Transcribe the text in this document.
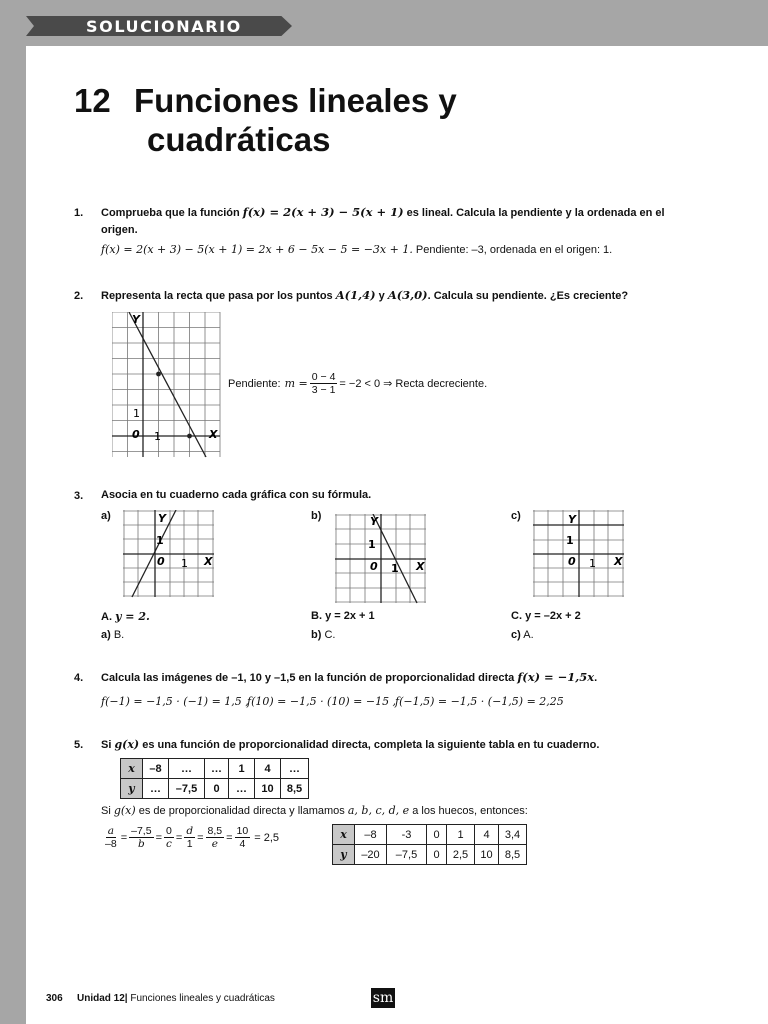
SOLUCIONARIO
12 Funciones lineales y
cuadráticas
1. Comprueba que la función f(x) = 2(x + 3) − 5(x + 1) es lineal. Calcula la pendiente y la ordenada en el
origen.
f(x) = 2(x + 3) − 5(x + 1) = 2x + 6 − 5x − 5 = −3x + 1. Pendiente: –3, ordenada en el origen: 1.
2. Representa la recta que pasa por los puntos A(1,4) y A(3,0). Calcula su pendiente. ¿Es creciente?
Y
X
1
0 1
Pendiente: $m = \frac{0 - 4}{3 - 1} = -2 < 0$ ⇒ Recta decreciente.
3. Asocia en tu cuaderno cada gráfica con su fórmula.
a)	b)	c)
Y
X
1
0 1
Y
X
1
0 1
Y
X
1
0 1
A. y = 2.	B. y = 2x + 1	C. y = –2x + 2
a) B.	b) C.	c) A.
4. Calcula las imágenes de –1, 10 y –1,5 en la función de proporcionalidad directa f(x) = −1,5x.
f(−1) = −1,5 · (−1) = 1,5 ,
f(10) = −1,5 · (10) = −15 ,
f(−1,5) = −1,5 · (−1,5) = 2,25
5. Si g(x) es una función de proporcionalidad directa, completa la siguiente tabla en tu cuaderno.
x	–8	…	…	1	4	…
y	…	–7,5	0	…	10	8,5
Si g(x) es de proporcionalidad directa y llamamos a, b, c, d, e a los huecos, entonces:
$\frac{a}{-8} = \frac{-7,5}{b} = \frac{0}{c} = \frac{d}{1} = \frac{8,5}{e} = \frac{10}{4} = 2,5$	x	–8	-3	0	1	4	3,4
y	–20	–7,5	0	2,5	10	8,5
306 Unidad 12| Funciones lineales y cuadráticas	sm
